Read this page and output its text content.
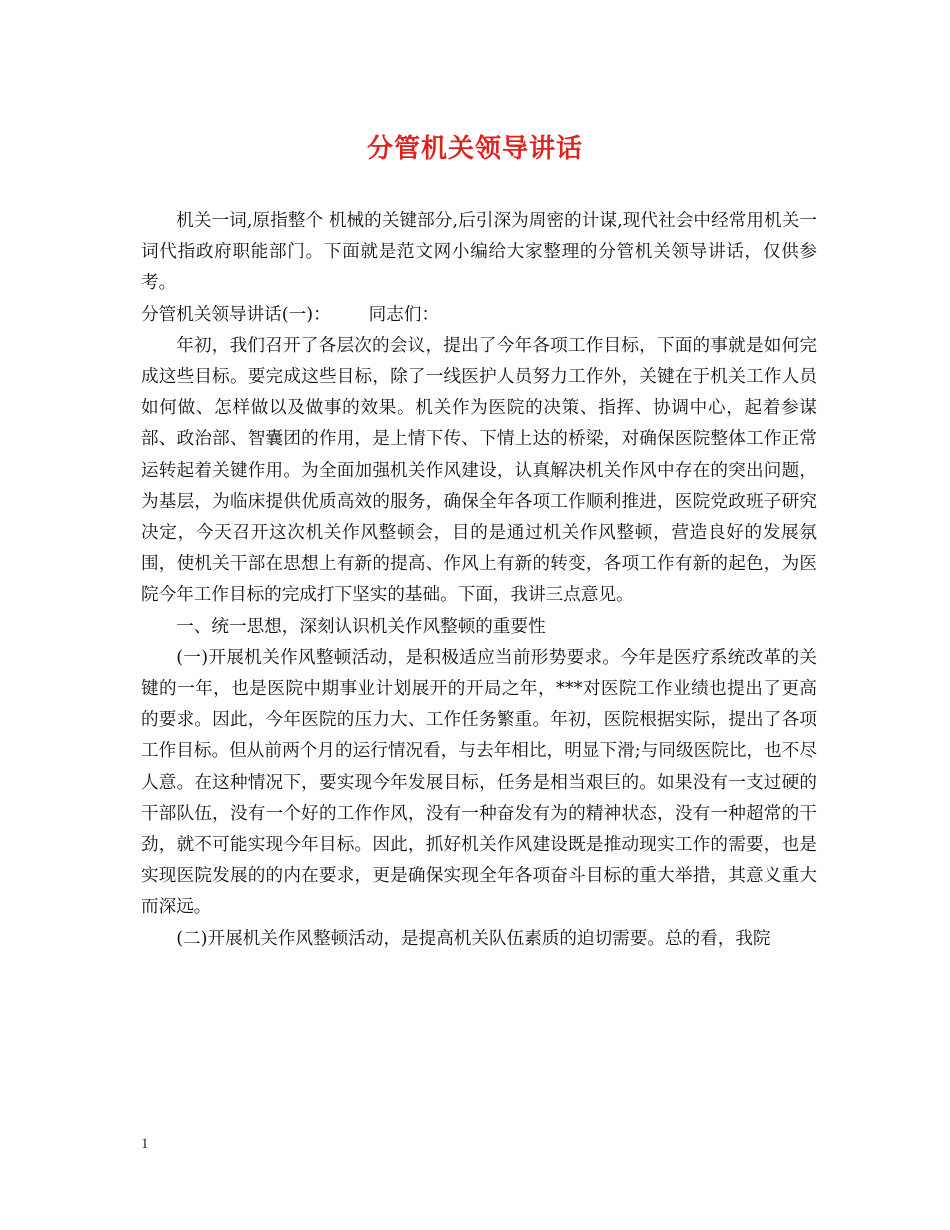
分管机关领导讲话

机关一词,原指整个 机械的关键部分,后引深为周密的计谋,现代社会中经常用机关一词代指政府职能部门。下面就是范文网小编给大家整理的分管机关领导讲话，仅供参考。

分管机关领导讲话(一)： 同志们：

年初，我们召开了各层次的会议，提出了今年各项工作目标，下面的事就是如何完成这些目标。要完成这些目标，除了一线医护人员努力工作外，关键在于机关工作人员如何做、怎样做以及做事的效果。机关作为医院的决策、指挥、协调中心，起着参谋部、政治部、智囊团的作用，是上情下传、下情上达的桥梁，对确保医院整体工作正常运转起着关键作用。为全面加强机关作风建设，认真解决机关作风中存在的突出问题，为基层，为临床提供优质高效的服务，确保全年各项工作顺利推进，医院党政班子研究决定，今天召开这次机关作风整顿会，目的是通过机关作风整顿，营造良好的发展氛围，使机关干部在思想上有新的提高、作风上有新的转变，各项工作有新的起色，为医院今年工作目标的完成打下坚实的基础。下面，我讲三点意见。

一、统一思想，深刻认识机关作风整顿的重要性

(一)开展机关作风整顿活动，是积极适应当前形势要求。今年是医疗系统改革的关键的一年，也是医院中期事业计划展开的开局之年，***对医院工作业绩也提出了更高的要求。因此，今年医院的压力大、工作任务繁重。年初，医院根据实际，提出了各项工作目标。但从前两个月的运行情况看，与去年相比，明显下滑;与同级医院比，也不尽人意。在这种情况下，要实现今年发展目标，任务是相当艰巨的。如果没有一支过硬的干部队伍，没有一个好的工作作风，没有一种奋发有为的精神状态，没有一种超常的干劲，就不可能实现今年目标。因此，抓好机关作风建设既是推动现实工作的需要，也是实现医院发展的的内在要求，更是确保实现全年各项奋斗目标的重大举措，其意义重大而深远。

(二)开展机关作风整顿活动，是提高机关队伍素质的迫切需要。总的看，我院

1
